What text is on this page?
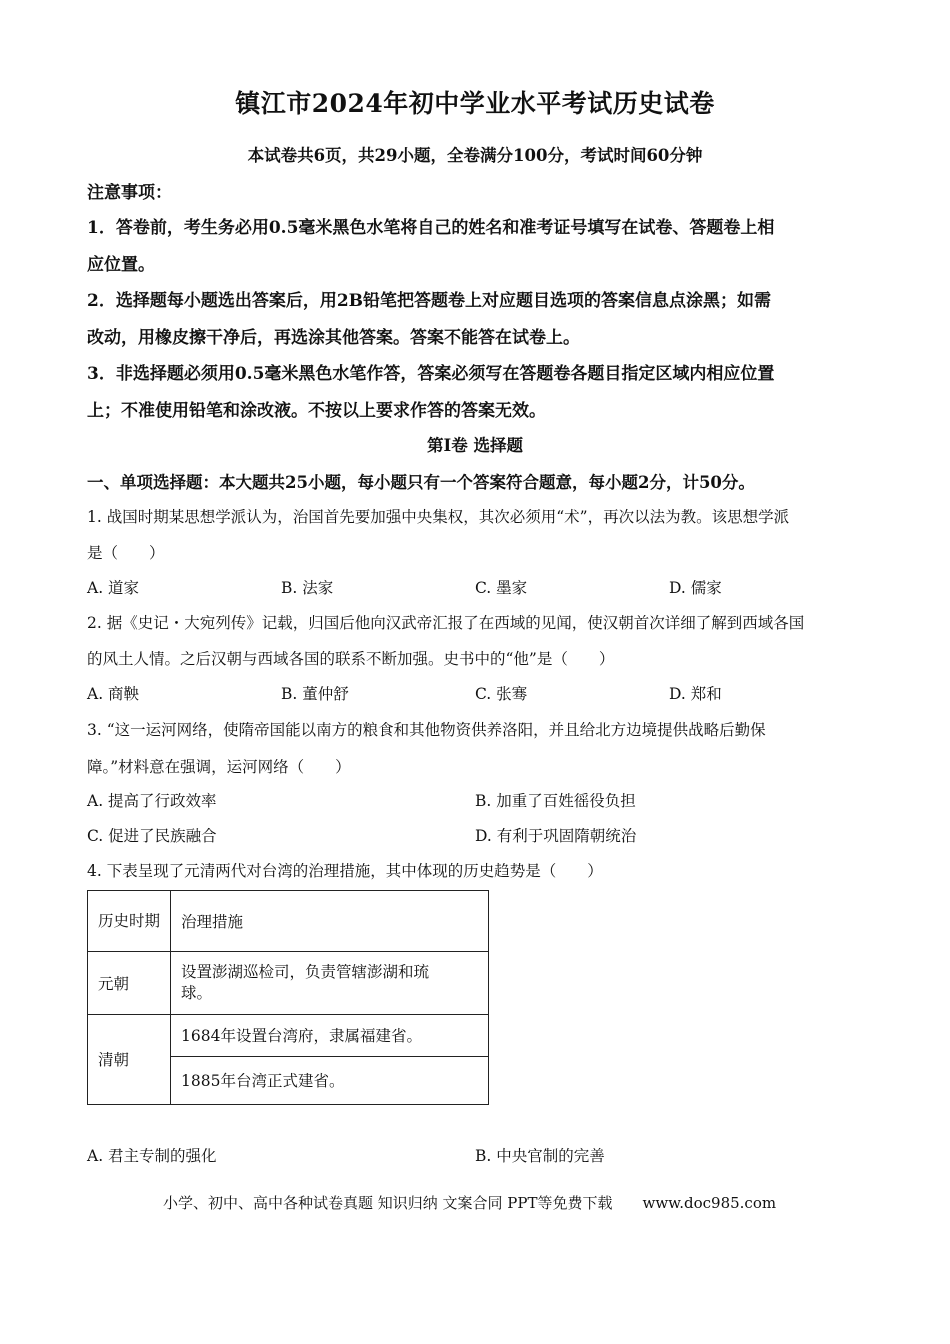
镇江市2024年初中学业水平考试历史试卷
本试卷共6页，共29小题，全卷满分100分，考试时间60分钟
注意事项：
1．答卷前，考生务必用0.5毫米黑色水笔将自己的姓名和准考证号填写在试卷、答题卷上相
应位置。
2．选择题每小题选出答案后，用2B铅笔把答题卷上对应题目选项的答案信息点涂黑；如需
改动，用橡皮擦干净后，再选涂其他答案。答案不能答在试卷上。
3．非选择题必须用0.5毫米黑色水笔作答，答案必须写在答题卷各题目指定区域内相应位置
上；不准使用铅笔和涂改液。不按以上要求作答的答案无效。
第Ⅰ卷 选择题
一、单项选择题：本大题共25小题，每小题只有一个答案符合题意，每小题2分，计50分。
1. 战国时期某思想学派认为，治国首先要加强中央集权，其次必须用“术”，再次以法为教。该思想学派
是（　　）
A. 道家	B. 法家	C. 墨家	D. 儒家
2. 据《史记・大宛列传》记载，归国后他向汉武帝汇报了在西域的见闻，使汉朝首次详细了解到西域各国
的风土人情。之后汉朝与西域各国的联系不断加强。史书中的“他”是（　　）
A. 商鞅	B. 董仲舒	C. 张骞	D. 郑和
3. “这一运河网络，使隋帝国能以南方的粮食和其他物资供养洛阳，并且给北方边境提供战略后勤保
障。”材料意在强调，运河网络（　　）
A. 提高了行政效率	B. 加重了百姓徭役负担
C. 促进了民族融合	D. 有利于巩固隋朝统治
4. 下表呈现了元清两代对台湾的治理措施，其中体现的历史趋势是（　　）
历史时期	治理措施
元朝	设置澎湖巡检司，负责管辖澎湖和琉球。
清朝	1684年设置台湾府，隶属福建省。
	1885年台湾正式建省。
A. 君主专制的强化	B. 中央官制的完善
小学、初中、高中各种试卷真题 知识归纳 文案合同 PPT等免费下载　　www.doc985.com
